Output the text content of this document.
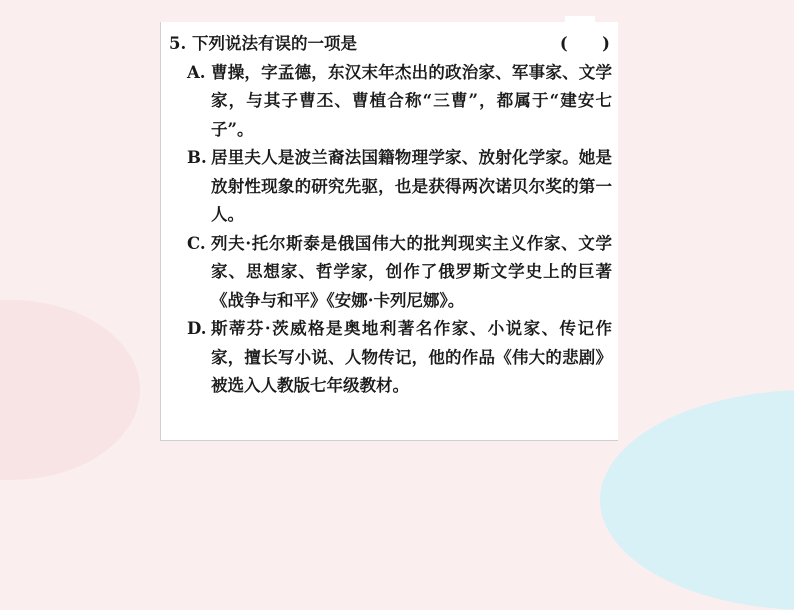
5. 下列说法有误的一项是	(      )
A. 曹操，字孟德，东汉末年杰出的政治家、军事家、文学家，与其子曹丕、曹植合称“三曹”，都属于“建安七子”。
B. 居里夫人是波兰裔法国籍物理学家、放射化学家。她是放射性现象的研究先驱，也是获得两次诺贝尔奖的第一人。
C. 列夫·托尔斯泰是俄国伟大的批判现实主义作家、文学家、思想家、哲学家，创作了俄罗斯文学史上的巨著《战争与和平》《安娜·卡列尼娜》。
D. 斯蒂芬·茨威格是奥地利著名作家、小说家、传记作家，擅长写小说、人物传记，他的作品《伟大的悲剧》被选入人教版七年级教材。
